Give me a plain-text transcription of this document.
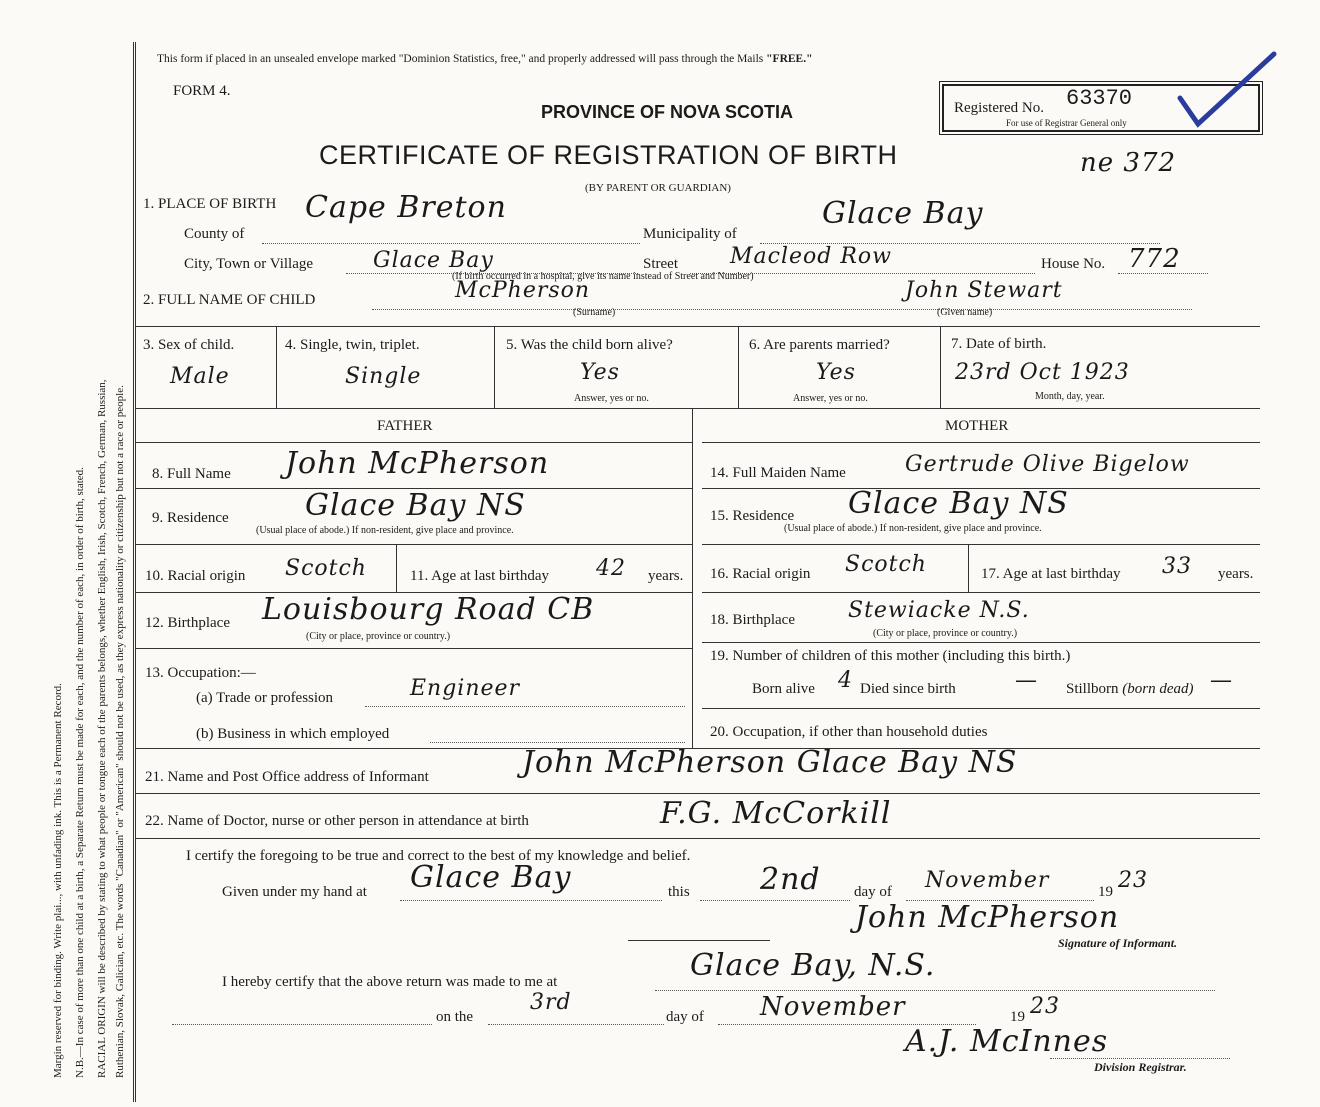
Margin reserved for binding. Write plai..., with unfading ink. This is a Permanent Record. N.B.—In case of more than one child at a birth, a Separate Return must be made for each, and the number of each, in order of birth, stated. RACIAL ORIGIN will be described by stating to what people or tongue each of the parents belongs, whether English, Irish, Scotch, French, German, Russian, Ruthenian, Slovak, Galician, etc. The words "Canadian" or "American" should not be used, as they express nationality or citizenship but not a race or people.
This form if placed in an unsealed envelope marked "Dominion Statistics, free," and properly addressed will pass through the Mails "FREE."
FORM 4.
PROVINCE OF NOVA SCOTIA
CERTIFICATE OF REGISTRATION OF BIRTH
(BY PARENT OR GUARDIAN)
ne 372
Registered No. 63370
For use of Registrar General only
1. PLACE OF BIRTH
County of
Cape Breton
Municipality of
Glace Bay
City, Town or Village	Glace Bay	Street Macleod Row	House No. 772
(If birth occurred in a hospital, give its name instead of Street and Number)
2. FULL NAME OF CHILD	McPherson
(Surname)
John Stewart
(Given name)
3. Sex of child.
Male
4. Single, twin, triplet.
Single
5. Was the child born alive?
Yes
Answer, yes or no.
6. Are parents married?
Yes
Answer, yes or no.
7. Date of birth.
23rd Oct 1923
Month, day, year.
FATHER	MOTHER
8. Full Name John McPherson
9. Residence	Glace Bay NS
(Usual place of abode.) If non-resident, give place and province.
10. Racial origin Scotch	11. Age at last birthday 42 years.
12. Birthplace Louisbourg Road CB
(City or place, province or country.)
13. Occupation:—
(a) Trade or profession	Engineer
(b) Business in which employed
14. Full Maiden Name	Gertrude Olive Bigelow
15. Residence Glace Bay NS
(Usual place of abode.) If non-resident, give place and province.
16. Racial origin Scotch	17. Age at last birthday 33 years.
18. Birthplace Stewiacke N.S.
(City or place, province or country.)
19. Number of children of this mother (including this birth.)
Born alive 4 Died since birth	— Stillborn (born dead) —
20. Occupation, if other than household duties
21. Name and Post Office address of Informant	John McPherson Glace Bay NS
22. Name of Doctor, nurse or other person in attendance at birth	F.G. McCorkill
I certify the foregoing to be true and correct to the best of my knowledge and belief.
Given under my hand at Glace Bay	this 2nd day of November	19 23
John McPherson
Signature of Informant.
I hereby certify that the above return was made to me at	Glace Bay, N.S.
on the
3rd
day of November	19 23
A.J. McInnes
Division Registrar.
